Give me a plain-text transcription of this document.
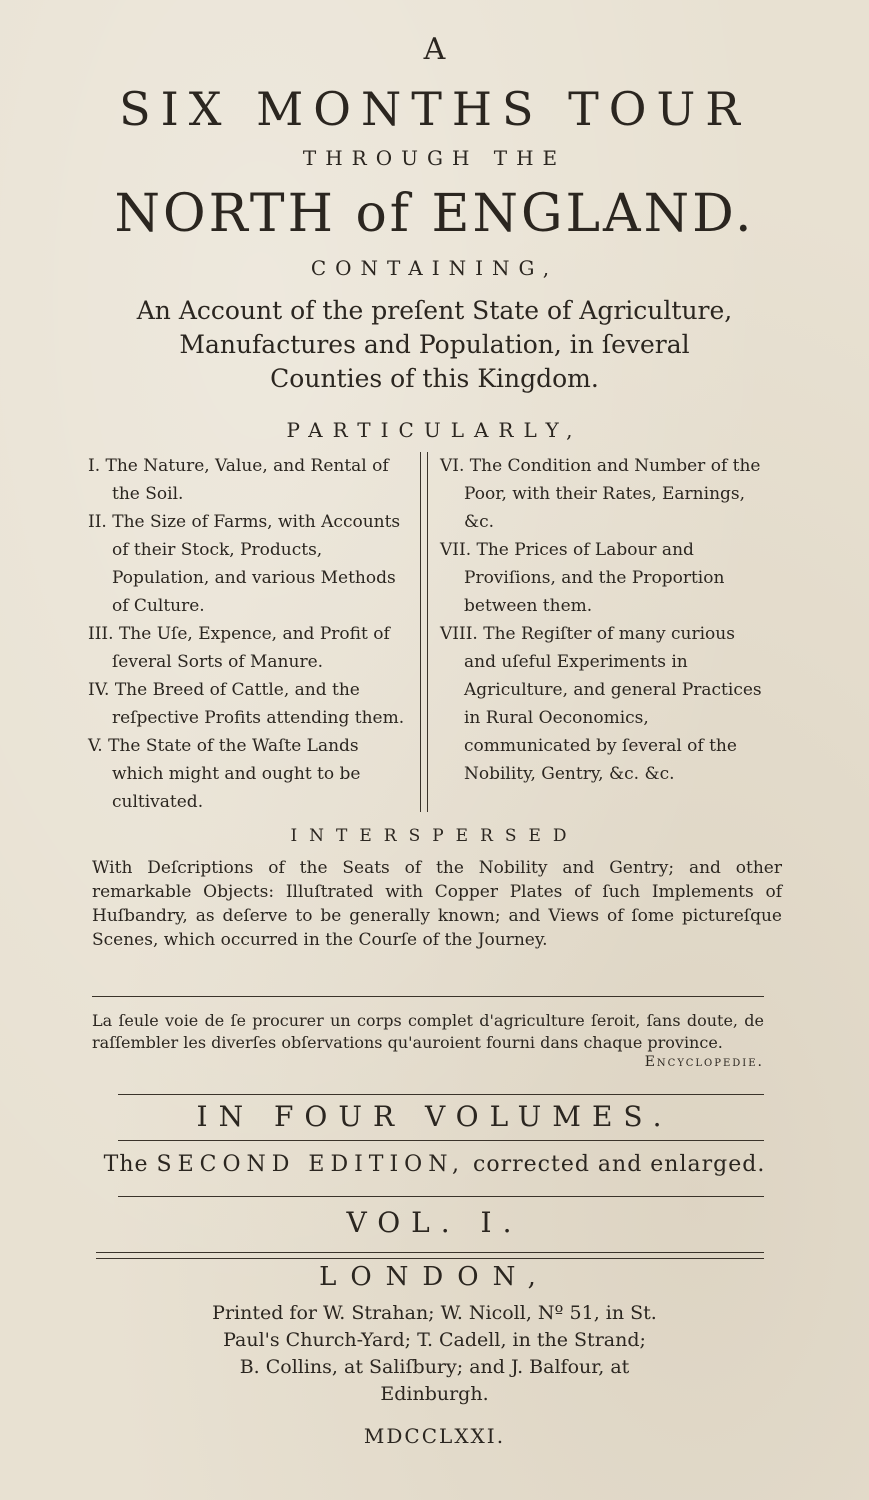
A
SIX MONTHS TOUR
THROUGH THE
NORTH of ENGLAND.
CONTAINING,
An Account of the preſent State of Agriculture,
Manufactures and Population, in ſeveral
Counties of this Kingdom.
PARTICULARLY,

I. The Nature, Value, and Rental of the Soil.

II. The Size of Farms, with Accounts of their Stock, Products, Population, and various Methods of Culture.

III. The Uſe, Expence, and Profit of ſeveral Sorts of Manure.

IV. The Breed of Cattle, and the reſpective Profits attending them.

V. The State of the Waſte Lands which might and ought to be cultivated.

VI. The Condition and Number of the Poor, with their Rates, Earnings, &c.

VII. The Prices of Labour and Proviſions, and the Proportion between them.

VIII. The Regiſter of many curious and uſeful Experiments in Agriculture, and general Practices in Rural Oeconomics, communicated by ſeveral of the Nobility, Gentry, &c. &c.

INTERSPERSED
With Deſcriptions of the Seats of the Nobility and Gentry; and other remarkable Objects: Illuſtrated with Copper Plates of ſuch Implements of Huſbandry, as deſerve to be generally known; and Views of ſome pictureſque Scenes, which occurred in the Courſe of the Journey.
La ſeule voie de ſe procurer un corps complet d'agriculture ſeroit, ſans doute, de raſſembler les diverſes obſervations qu'auroient fourni dans chaque province.
Encyclopedie.
IN FOUR VOLUMES.
The SECOND EDITION, corrected and enlarged.
VOL. I.
LONDON,
Printed for W. Strahan; W. Nicoll, Nº 51, in St.
Paul's Church-Yard; T. Cadell, in the Strand;
B. Collins, at Saliſbury; and J. Balfour, at
Edinburgh.
MDCCLXXI.
